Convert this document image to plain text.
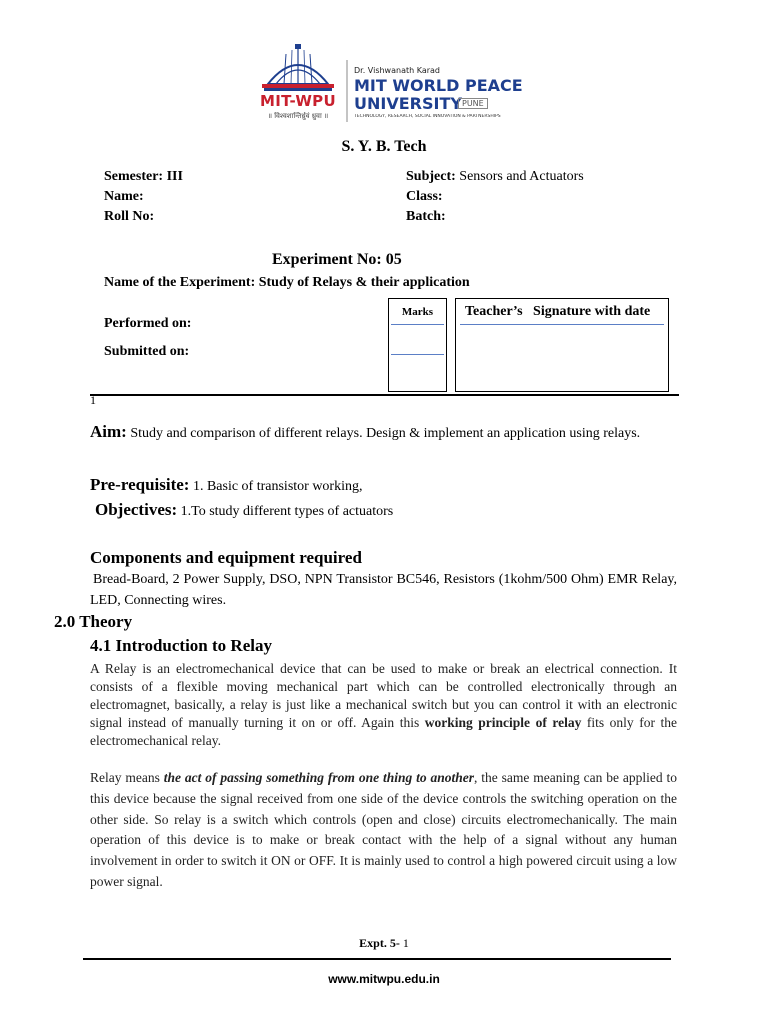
MIT-WPU
॥ विश्वशान्तिर्ध्रुवं ध्रुवा ॥
Dr. Vishwanath Karad
MIT WORLD PEACE
UNIVERSITY PUNE
TECHNOLOGY, RESEARCH, SOCIAL INNOVATION & PARTNERSHIPS
S. Y. B. Tech
Semester: III
Name:
Roll No:
Subject: Sensors and Actuators
Class:
Batch:
Experiment No: 05
Name of the Experiment: Study of Relays & their application
Performed on:
Submitted on:
Marks	Teacher’s   Signature with date
1
Aim: Study and comparison of different relays. Design & implement an application using relays.
Pre-requisite: 1. Basic of transistor working,
Objectives: 1.To study different types of actuators
Components and equipment required
Bread-Board, 2 Power Supply, DSO, NPN Transistor BC546, Resistors (1kohm/500 Ohm) EMR Relay, LED, Connecting wires.
2.0 Theory
4.1 Introduction to Relay
A Relay is an electromechanical device that can be used to make or break an electrical connection. It consists of a flexible moving mechanical part which can be controlled electronically through an electromagnet, basically, a relay is just like a mechanical switch but you can control it with an electronic signal instead of manually turning it on or off. Again this working principle of relay fits only for the electromechanical relay.
Relay means the act of passing something from one thing to another, the same meaning can be applied to this device because the signal received from one side of the device controls the switching operation on the other side. So relay is a switch which controls (open and close) circuits electromechanically. The main operation of this device is to make or break contact with the help of a signal without any human involvement in order to switch it ON or OFF. It is mainly used to control a high powered circuit using a low power signal.
Expt. 5- 1
www.mitwpu.edu.in
